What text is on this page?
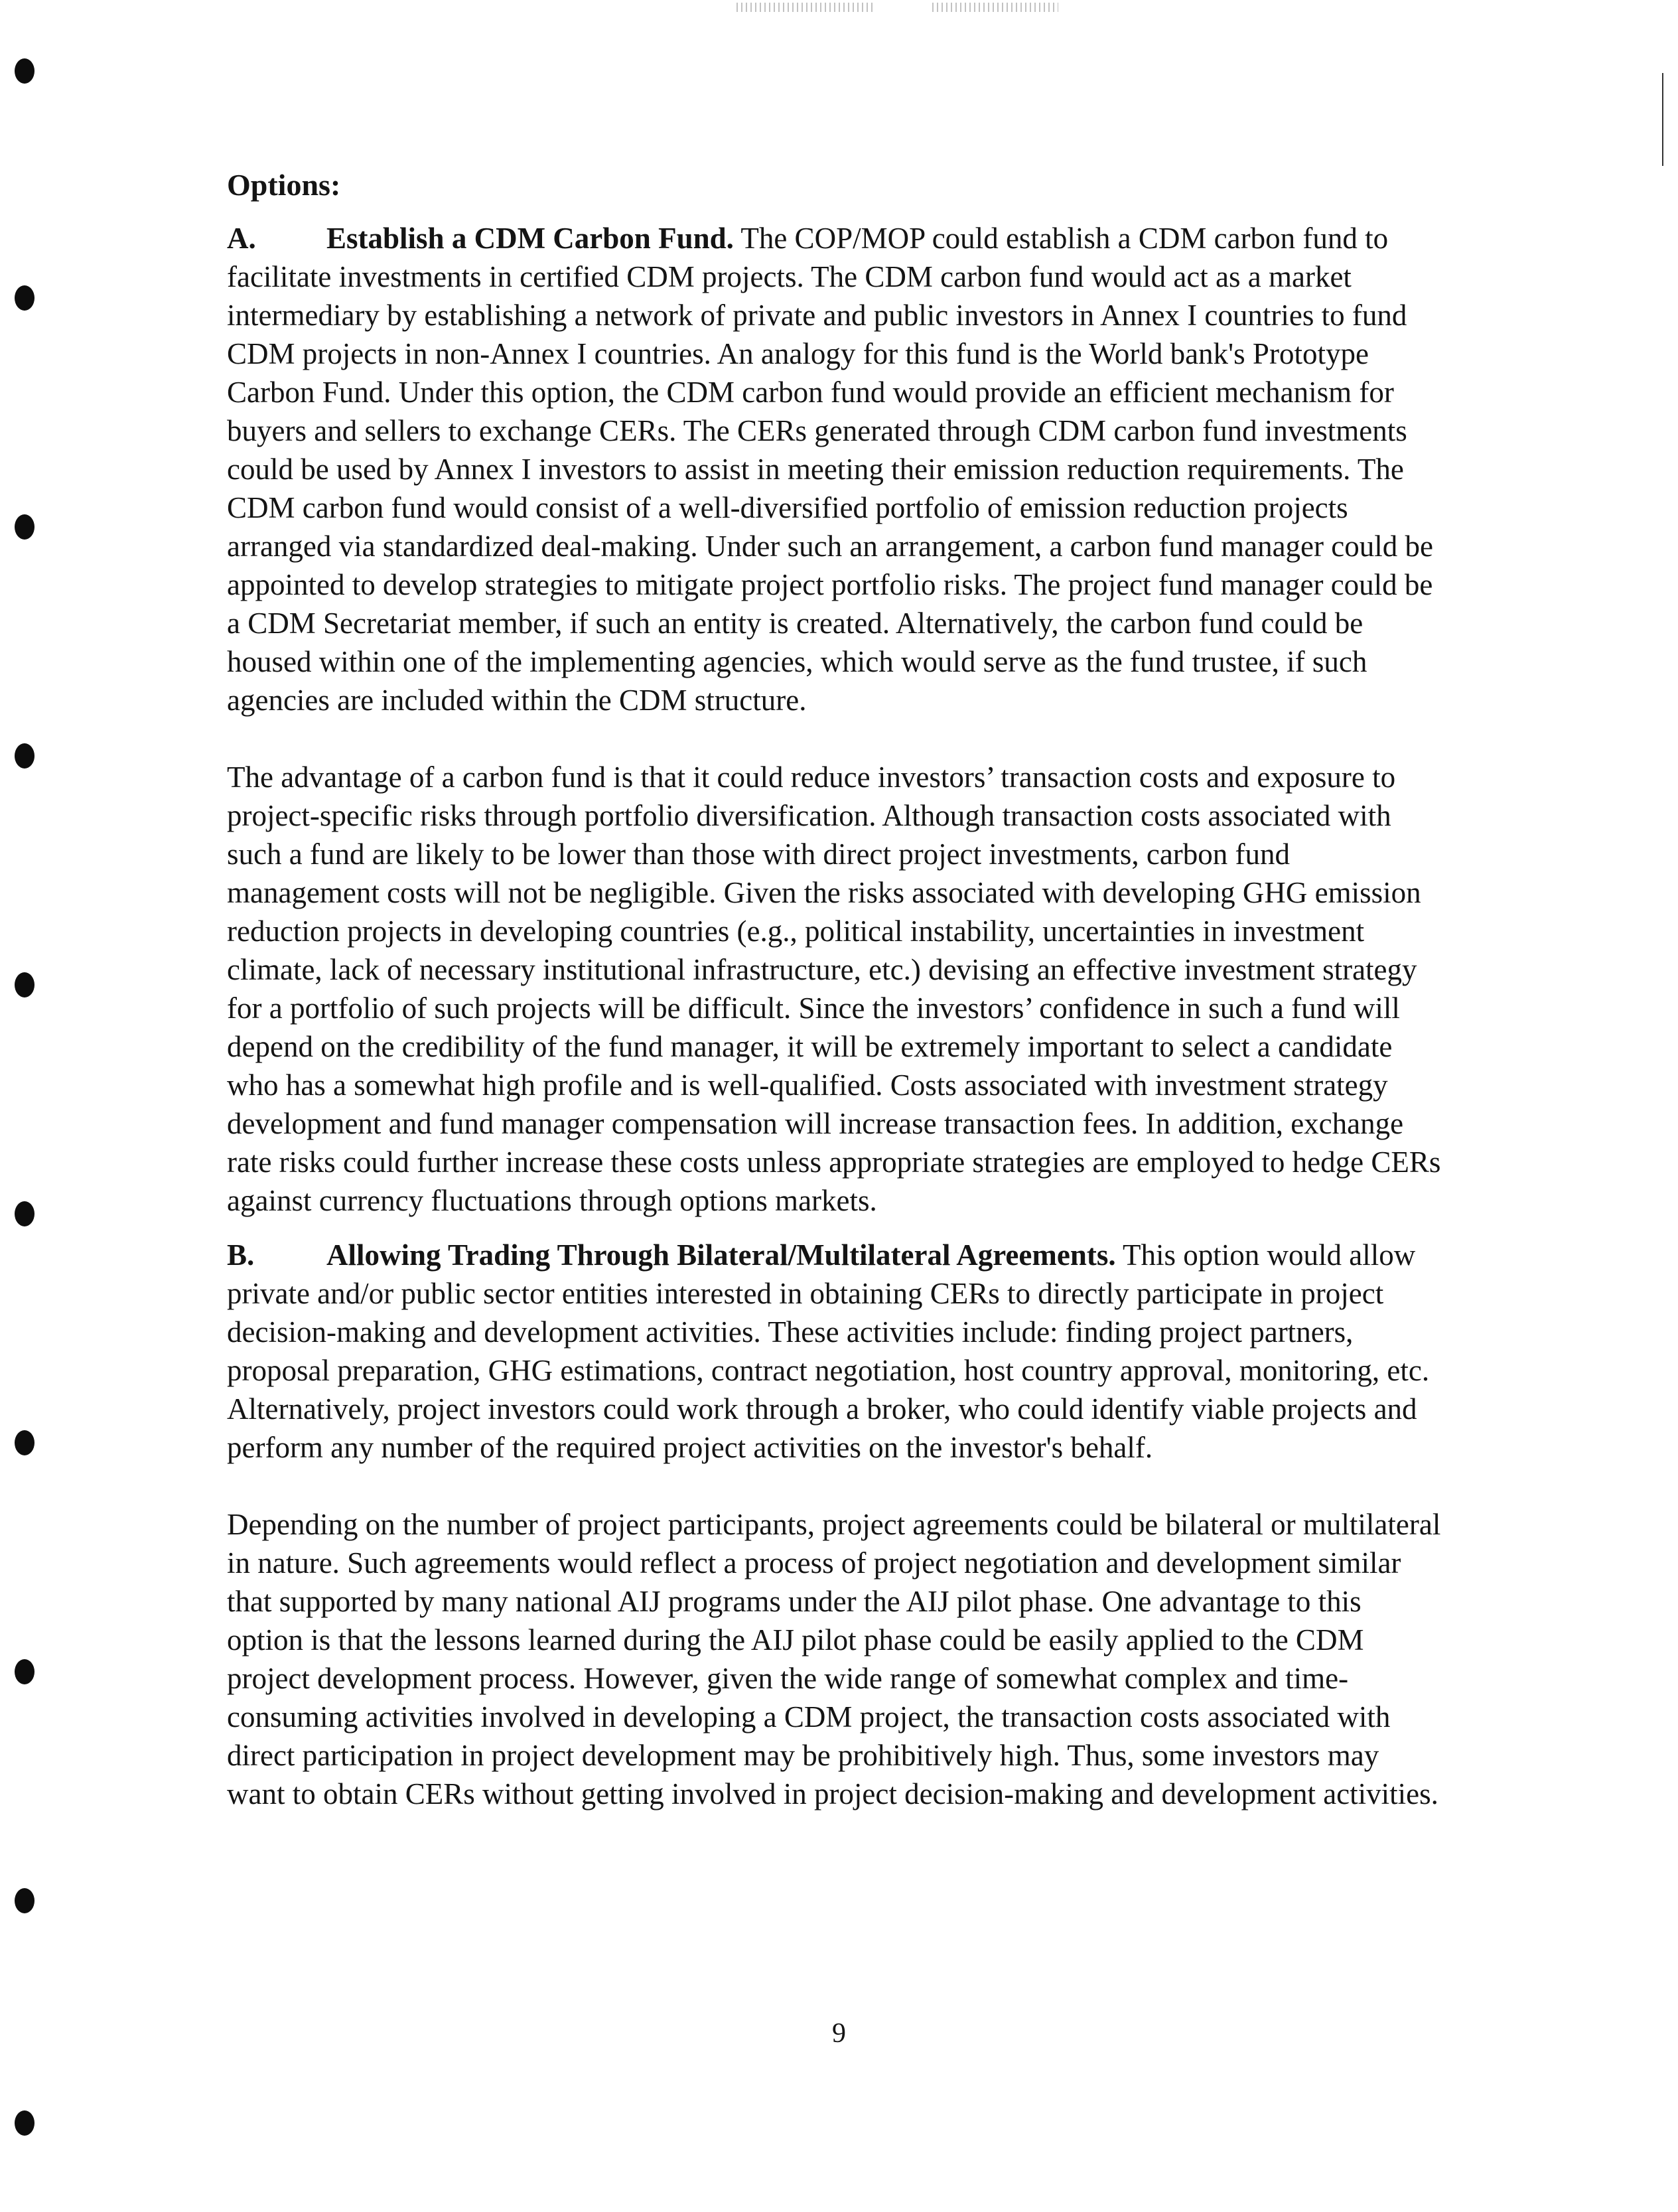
Options:

A. Establish a CDM Carbon Fund. The COP/MOP could establish a CDM carbon fund to facilitate investments in certified CDM projects. The CDM carbon fund would act as a market intermediary by establishing a network of private and public investors in Annex I countries to fund CDM projects in non-Annex I countries. An analogy for this fund is the World bank's Prototype Carbon Fund. Under this option, the CDM carbon fund would provide an efficient mechanism for buyers and sellers to exchange CERs. The CERs generated through CDM carbon fund investments could be used by Annex I investors to assist in meeting their emission reduction requirements. The CDM carbon fund would consist of a well-diversified portfolio of emission reduction projects arranged via standardized deal-making. Under such an arrangement, a carbon fund manager could be appointed to develop strategies to mitigate project portfolio risks. The project fund manager could be a CDM Secretariat member, if such an entity is created. Alternatively, the carbon fund could be housed within one of the implementing agencies, which would serve as the fund trustee, if such agencies are included within the CDM structure.

The advantage of a carbon fund is that it could reduce investors’ transaction costs and exposure to project-specific risks through portfolio diversification. Although transaction costs associated with such a fund are likely to be lower than those with direct project investments, carbon fund management costs will not be negligible. Given the risks associated with developing GHG emission reduction projects in developing countries (e.g., political instability, uncertainties in investment climate, lack of necessary institutional infrastructure, etc.) devising an effective investment strategy for a portfolio of such projects will be difficult. Since the investors’ confidence in such a fund will depend on the credibility of the fund manager, it will be extremely important to select a candidate who has a somewhat high profile and is well-qualified. Costs associated with investment strategy development and fund manager compensation will increase transaction fees. In addition, exchange rate risks could further increase these costs unless appropriate strategies are employed to hedge CERs against currency fluctuations through options markets.

B. Allowing Trading Through Bilateral/Multilateral Agreements. This option would allow private and/or public sector entities interested in obtaining CERs to directly participate in project decision-making and development activities. These activities include: finding project partners, proposal preparation, GHG estimations, contract negotiation, host country approval, monitoring, etc. Alternatively, project investors could work through a broker, who could identify viable projects and perform any number of the required project activities on the investor's behalf.

Depending on the number of project participants, project agreements could be bilateral or multilateral in nature. Such agreements would reflect a process of project negotiation and development similar that supported by many national AIJ programs under the AIJ pilot phase. One advantage to this option is that the lessons learned during the AIJ pilot phase could be easily applied to the CDM project development process. However, given the wide range of somewhat complex and time-consuming activities involved in developing a CDM project, the transaction costs associated with direct participation in project development may be prohibitively high. Thus, some investors may want to obtain CERs without getting involved in project decision-making and development activities.

9
